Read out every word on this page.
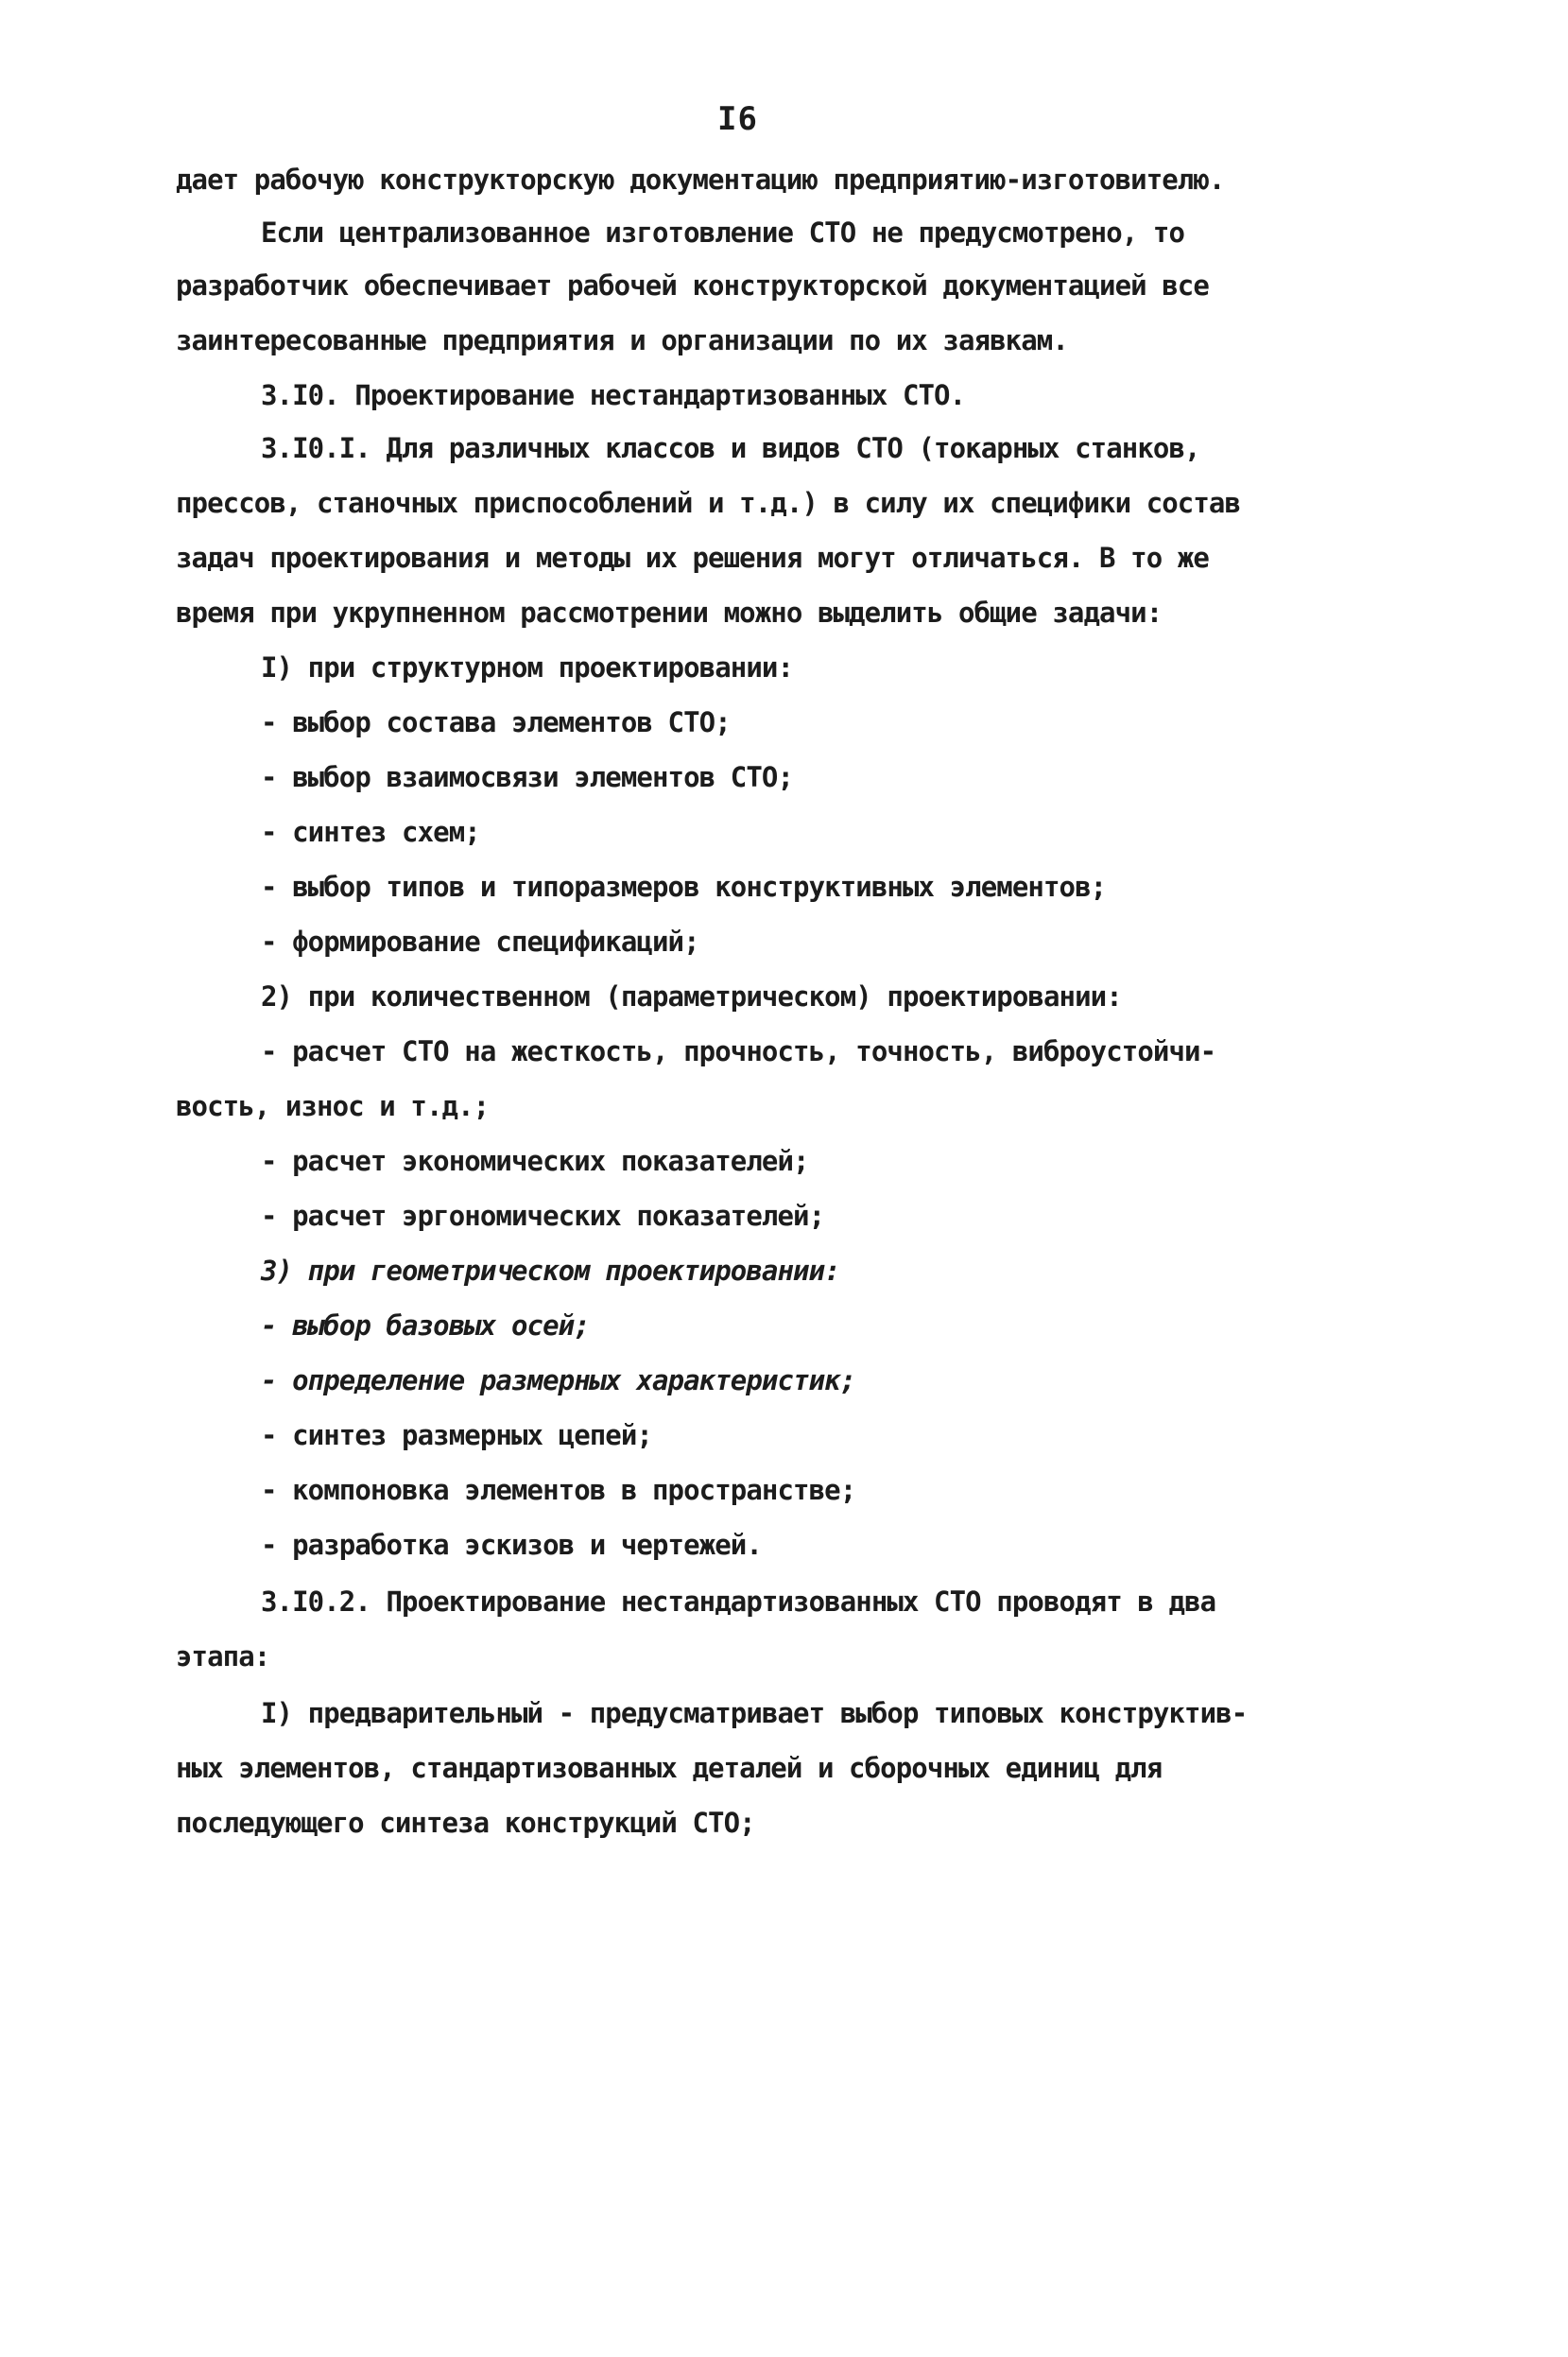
I6
дает рабочую конструкторскую документацию предприятию-изготовителю.
Если централизованное изготовление СТО не предусмотрено, то
разработчик обеспечивает рабочей конструкторской документацией все
заинтересованные предприятия и организации по их заявкам.
3.I0. Проектирование нестандартизованных СТО.
3.I0.I. Для различных классов и видов СТО (токарных станков,
прессов, станочных приспособлений и т.д.) в силу их специфики состав
задач проектирования и методы их решения могут отличаться. В то же
время при укрупненном рассмотрении можно выделить общие задачи:
I) при структурном проектировании:
- выбор состава элементов СТО;
- выбор взаимосвязи элементов СТО;
- синтез схем;
- выбор типов и типоразмеров конструктивных элементов;
- формирование спецификаций;
2) при количественном (параметрическом) проектировании:
- расчет СТО на жесткость, прочность, точность, виброустойчи-
вость, износ и т.д.;
- расчет экономических показателей;
- расчет эргономических показателей;
3) при геометрическом проектировании:
- выбор базовых осей;
- определение размерных характеристик;
- синтез размерных цепей;
- компоновка элементов в пространстве;
- разработка эскизов и чертежей.
3.I0.2. Проектирование нестандартизованных СТО проводят в два
этапа:
I) предварительный - предусматривает выбор типовых конструктив-
ных элементов, стандартизованных деталей и сборочных единиц для
последующего синтеза конструкций СТО;
